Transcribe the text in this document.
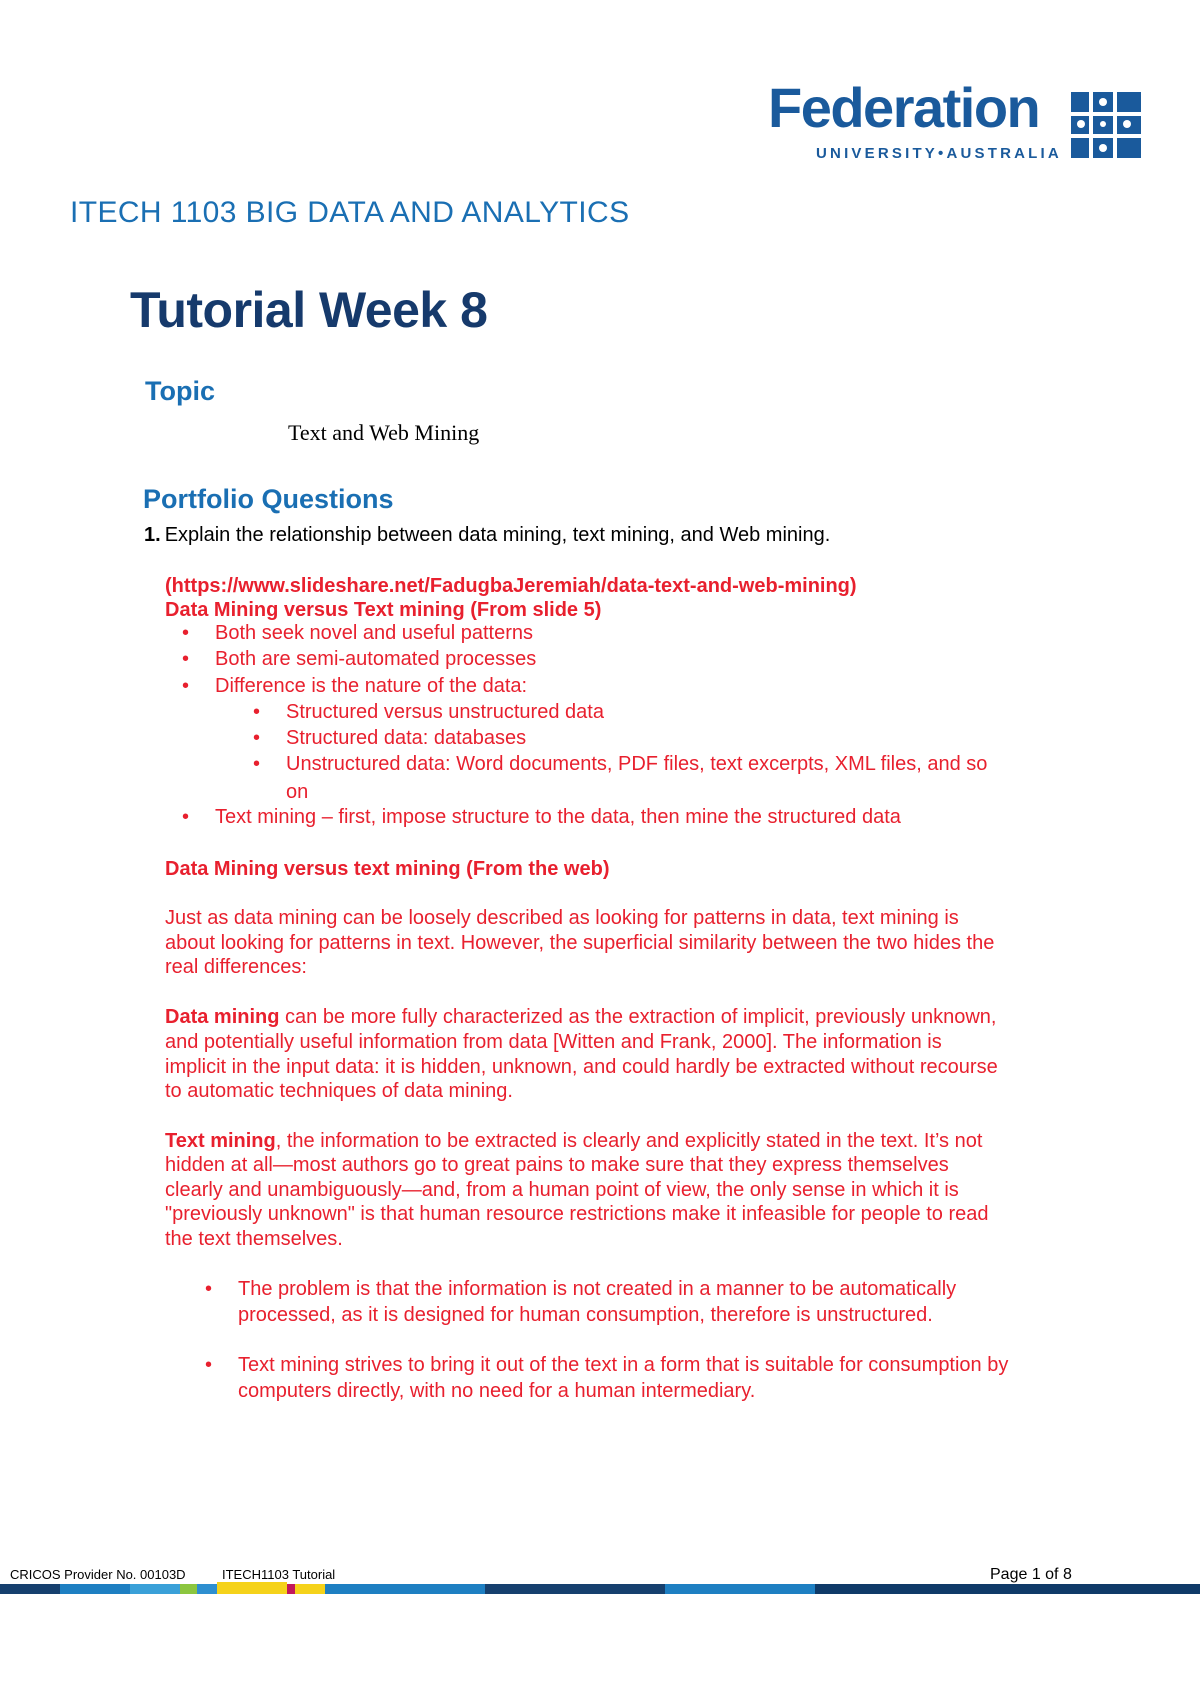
Federation
UNIVERSITY•AUSTRALIA
ITECH 1103 BIG DATA AND ANALYTICS
Tutorial Week 8
Topic
Text and Web Mining
Portfolio Questions
1. Explain the relationship between data mining, text mining, and Web mining.
(https://www.slideshare.net/FadugbaJeremiah/data-text-and-web-mining)
Data Mining versus Text mining (From slide 5)
• Both seek novel and useful patterns
• Both are semi-automated processes
• Difference is the nature of the data:
• Structured versus unstructured data
• Structured data: databases
• Unstructured data: Word documents, PDF files, text excerpts, XML files, and so
on
• Text mining – first, impose structure to the data, then mine the structured data
Data Mining versus text mining (From the web)
Just as data mining can be loosely described as looking for patterns in data, text mining is
about looking for patterns in text. However, the superficial similarity between the two hides the
real differences:
Data mining can be more fully characterized as the extraction of implicit, previously unknown,
and potentially useful information from data [Witten and Frank, 2000]. The information is
implicit in the input data: it is hidden, unknown, and could hardly be extracted without recourse
to automatic techniques of data mining.
Text mining, the information to be extracted is clearly and explicitly stated in the text. It’s not
hidden at all—most authors go to great pains to make sure that they express themselves
clearly and unambiguously—and, from a human point of view, the only sense in which it is
"previously unknown" is that human resource restrictions make it infeasible for people to read
the text themselves.
• The problem is that the information is not created in a manner to be automatically
processed, as it is designed for human consumption, therefore is unstructured.
• Text mining strives to bring it out of the text in a form that is suitable for consumption by
computers directly, with no need for a human intermediary.
CRICOS Provider No. 00103D	ITECH1103 Tutorial	Page 1 of 8
